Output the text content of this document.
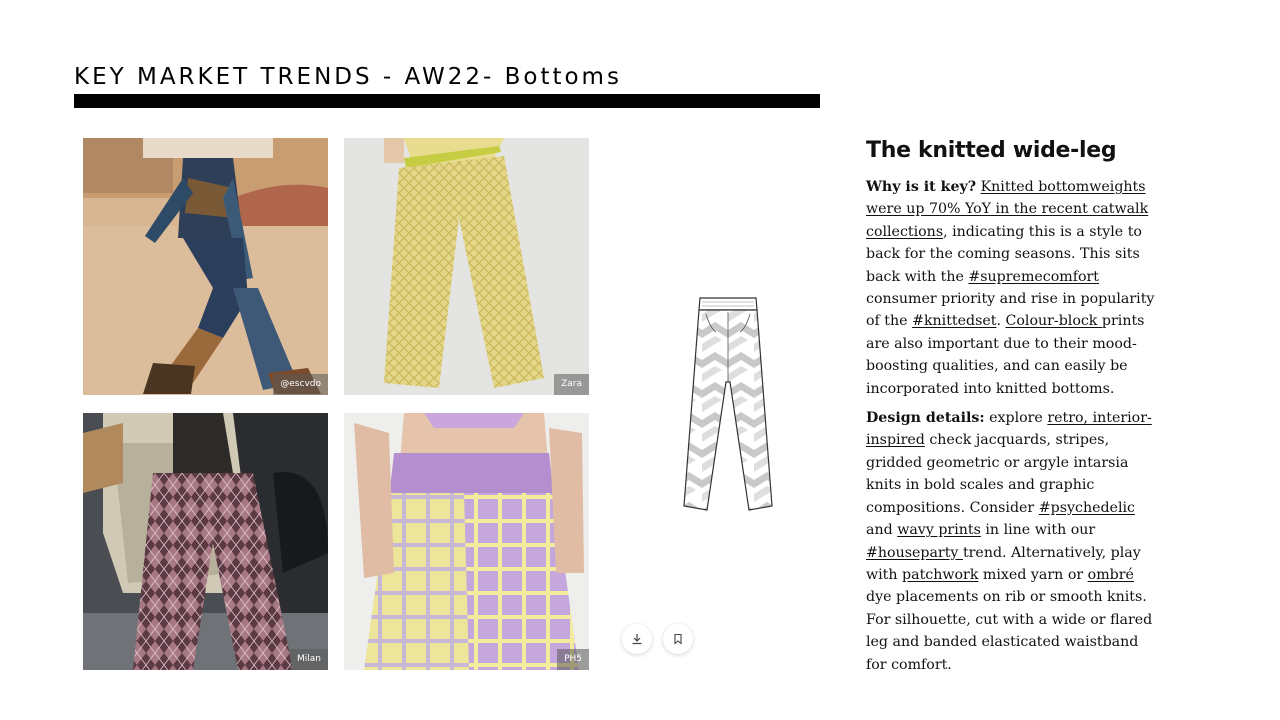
KEY MARKET TRENDS - AW22- Bottoms
@escvdo	Zara
Milan	PH5
The knitted wide-leg

Why is it key? Knitted bottomweights were up 70% YoY in the recent catwalk collections, indicating this is a style to back for the coming seasons. This sits back with the #supremecomfort consumer priority and rise in popularity of the #knittedset. Colour-block prints are also important due to their mood-boosting qualities, and can easily be incorporated into knitted bottoms.

Design details: explore retro, interior-inspired check jacquards, stripes, gridded geometric or argyle intarsia knits in bold scales and graphic compositions. Consider #psychedelic and wavy prints in line with our #houseparty trend. Alternatively, play with patchwork mixed yarn or ombré dye placements on rib or smooth knits. For silhouette, cut with a wide or flared leg and banded elasticated waistband for comfort.
